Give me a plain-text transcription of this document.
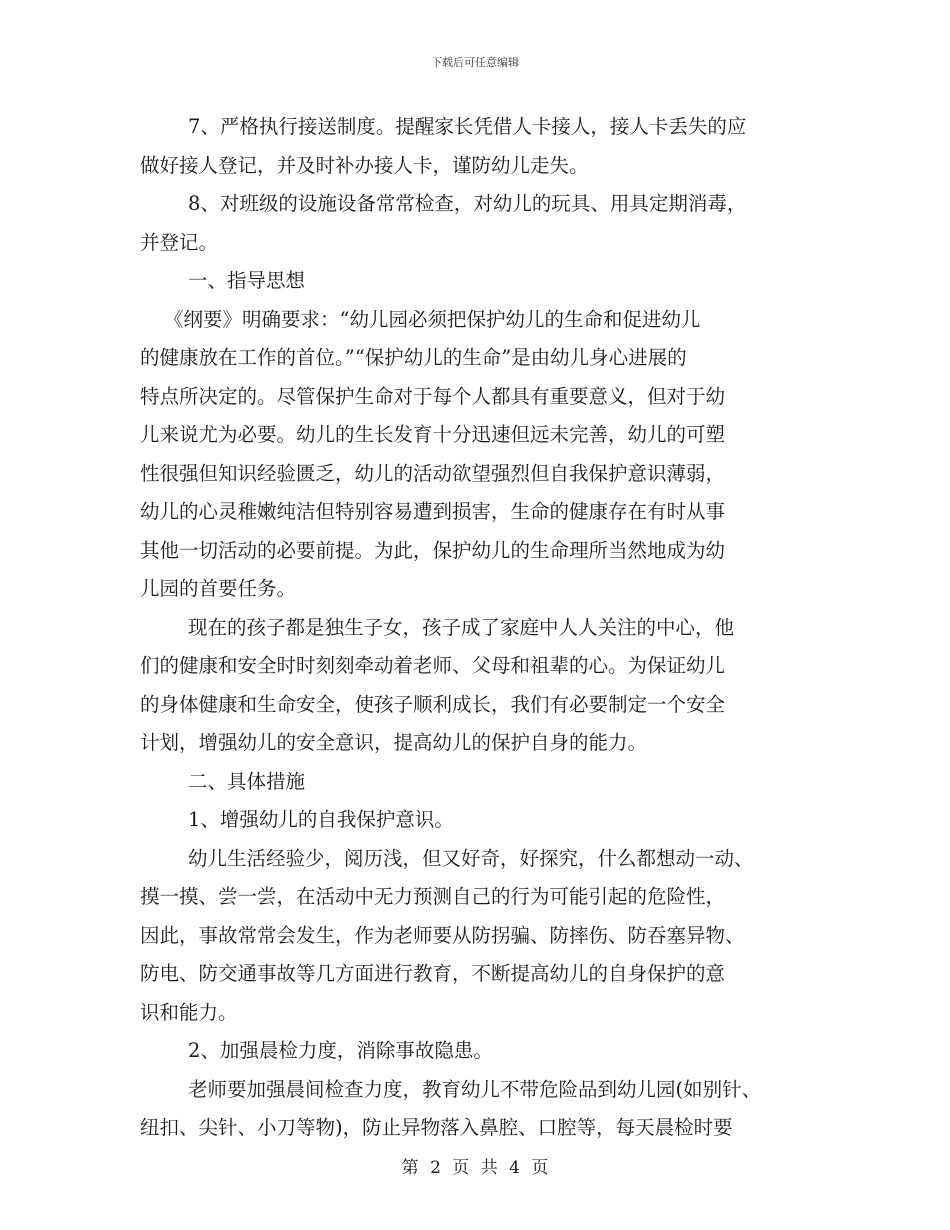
下载后可任意编辑
7、严格执行接送制度。提醒家长凭借人卡接人，接人卡丢失的应
做好接人登记，并及时补办接人卡，谨防幼儿走失。
8、对班级的设施设备常常检查，对幼儿的玩具、用具定期消毒，
并登记。
一、指导思想
《纲要》明确要求：“幼儿园必须把保护幼儿的生命和促进幼儿
的健康放在工作的首位。”“保护幼儿的生命”是由幼儿身心进展的
特点所决定的。尽管保护生命对于每个人都具有重要意义，但对于幼
儿来说尤为必要。幼儿的生长发育十分迅速但远未完善，幼儿的可塑
性很强但知识经验匮乏，幼儿的活动欲望强烈但自我保护意识薄弱，
幼儿的心灵稚嫩纯洁但特别容易遭到损害，生命的健康存在有时从事
其他一切活动的必要前提。为此，保护幼儿的生命理所当然地成为幼
儿园的首要任务。
现在的孩子都是独生子女，孩子成了家庭中人人关注的中心，他
们的健康和安全时时刻刻牵动着老师、父母和祖辈的心。为保证幼儿
的身体健康和生命安全，使孩子顺利成长，我们有必要制定一个安全
计划，增强幼儿的安全意识，提高幼儿的保护自身的能力。
二、具体措施
1、增强幼儿的自我保护意识。
幼儿生活经验少，阅历浅，但又好奇，好探究，什么都想动一动、
摸一摸、尝一尝，在活动中无力预测自己的行为可能引起的危险性，
因此，事故常常会发生，作为老师要从防拐骗、防摔伤、防吞塞异物、
防电、防交通事故等几方面进行教育，不断提高幼儿的自身保护的意
识和能力。
2、加强晨检力度，消除事故隐患。
老师要加强晨间检查力度，教育幼儿不带危险品到幼儿园(如别针、
纽扣、尖针、小刀等物)，防止异物落入鼻腔、口腔等，每天晨检时要
第 2 页 共 4 页
